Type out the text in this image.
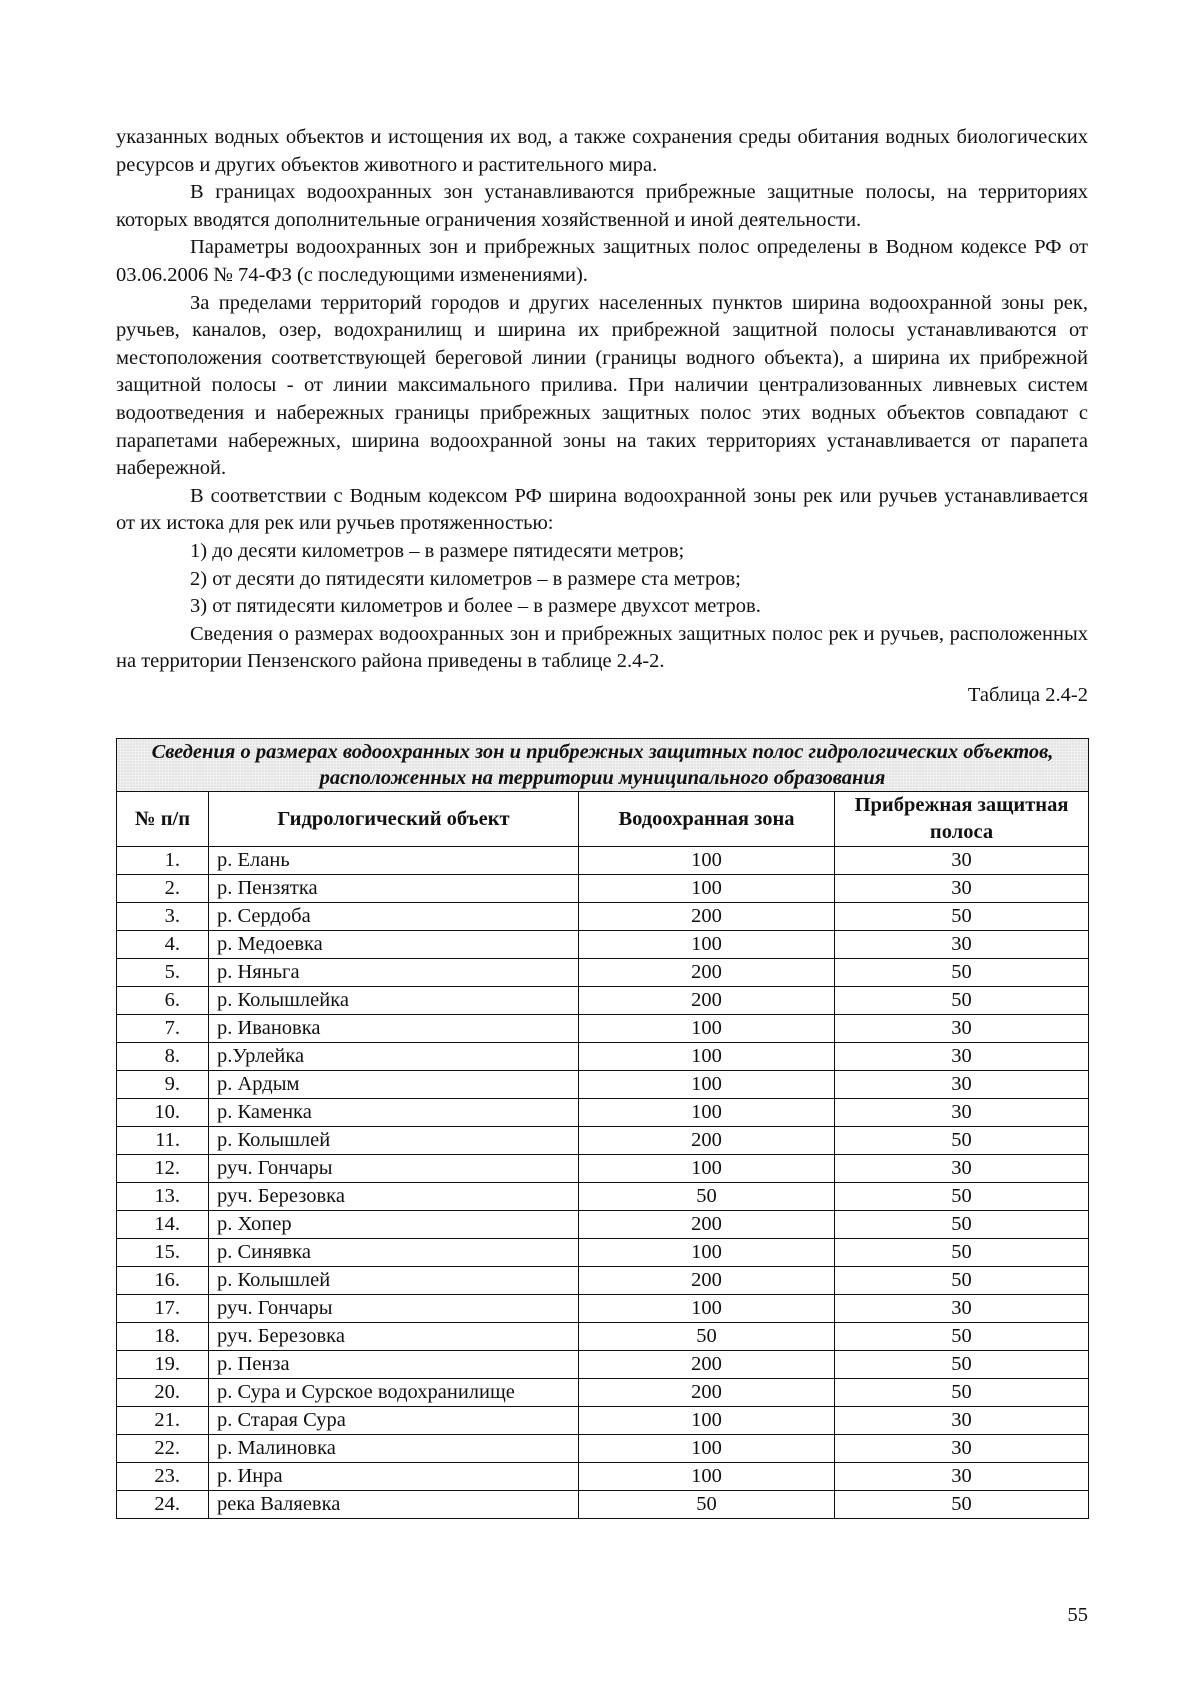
указанных водных объектов и истощения их вод, а также сохранения среды обитания водных биологических ресурсов и других объектов животного и растительного мира.

В границах водоохранных зон устанавливаются прибрежные защитные полосы, на территориях которых вводятся дополнительные ограничения хозяйственной и иной деятельности.

Параметры водоохранных зон и прибрежных защитных полос определены в Водном кодексе РФ от 03.06.2006 № 74-ФЗ (с последующими изменениями).

За пределами территорий городов и других населенных пунктов ширина водоохранной зоны рек, ручьев, каналов, озер, водохранилищ и ширина их прибрежной защитной полосы устанавливаются от местоположения соответствующей береговой линии (границы водного объекта), а ширина их прибрежной защитной полосы - от линии максимального прилива. При наличии централизованных ливневых систем водоотведения и набережных границы прибрежных защитных полос этих водных объектов совпадают с парапетами набережных, ширина водоохранной зоны на таких территориях устанавливается от парапета набережной.

В соответствии с Водным кодексом РФ ширина водоохранной зоны рек или ручьев устанавливается от их истока для рек или ручьев протяженностью:

1) до десяти километров – в размере пятидесяти метров;

2) от десяти до пятидесяти километров – в размере ста метров;

3) от пятидесяти километров и более – в размере двухсот метров.

Сведения о размерах водоохранных зон и прибрежных защитных полос рек и ручьев, расположенных на территории Пензенского района приведены в таблице 2.4-2.

Таблица 2.4-2

Сведения о размерах водоохранных зон и прибрежных защитных полос гидрологических объектов, расположенных на территории муниципального образования			
№ п/п	Гидрологический объект	Водоохранная зона	Прибрежная защитная полоса
1.	р. Елань	100	30
2.	р. Пензятка	100	30
3.	р. Сердоба	200	50
4.	р. Медоевка	100	30
5.	р. Няньга	200	50
6.	р. Колышлейка	200	50
7.	р. Ивановка	100	30
8.	р.Урлейка	100	30
9.	р. Ардым	100	30
10.	р. Каменка	100	30
11.	р. Колышлей	200	50
12.	руч. Гончары	100	30
13.	руч. Березовка	50	50
14.	р. Хопер	200	50
15.	р. Синявка	100	50
16.	р. Колышлей	200	50
17.	руч. Гончары	100	30
18.	руч. Березовка	50	50
19.	р. Пенза	200	50
20.	р. Сура и Сурское водохранилище	200	50
21.	р. Старая Сура	100	30
22.	р. Малиновка	100	30
23.	р. Инра	100	30
24.	река Валяевка	50	50
55
